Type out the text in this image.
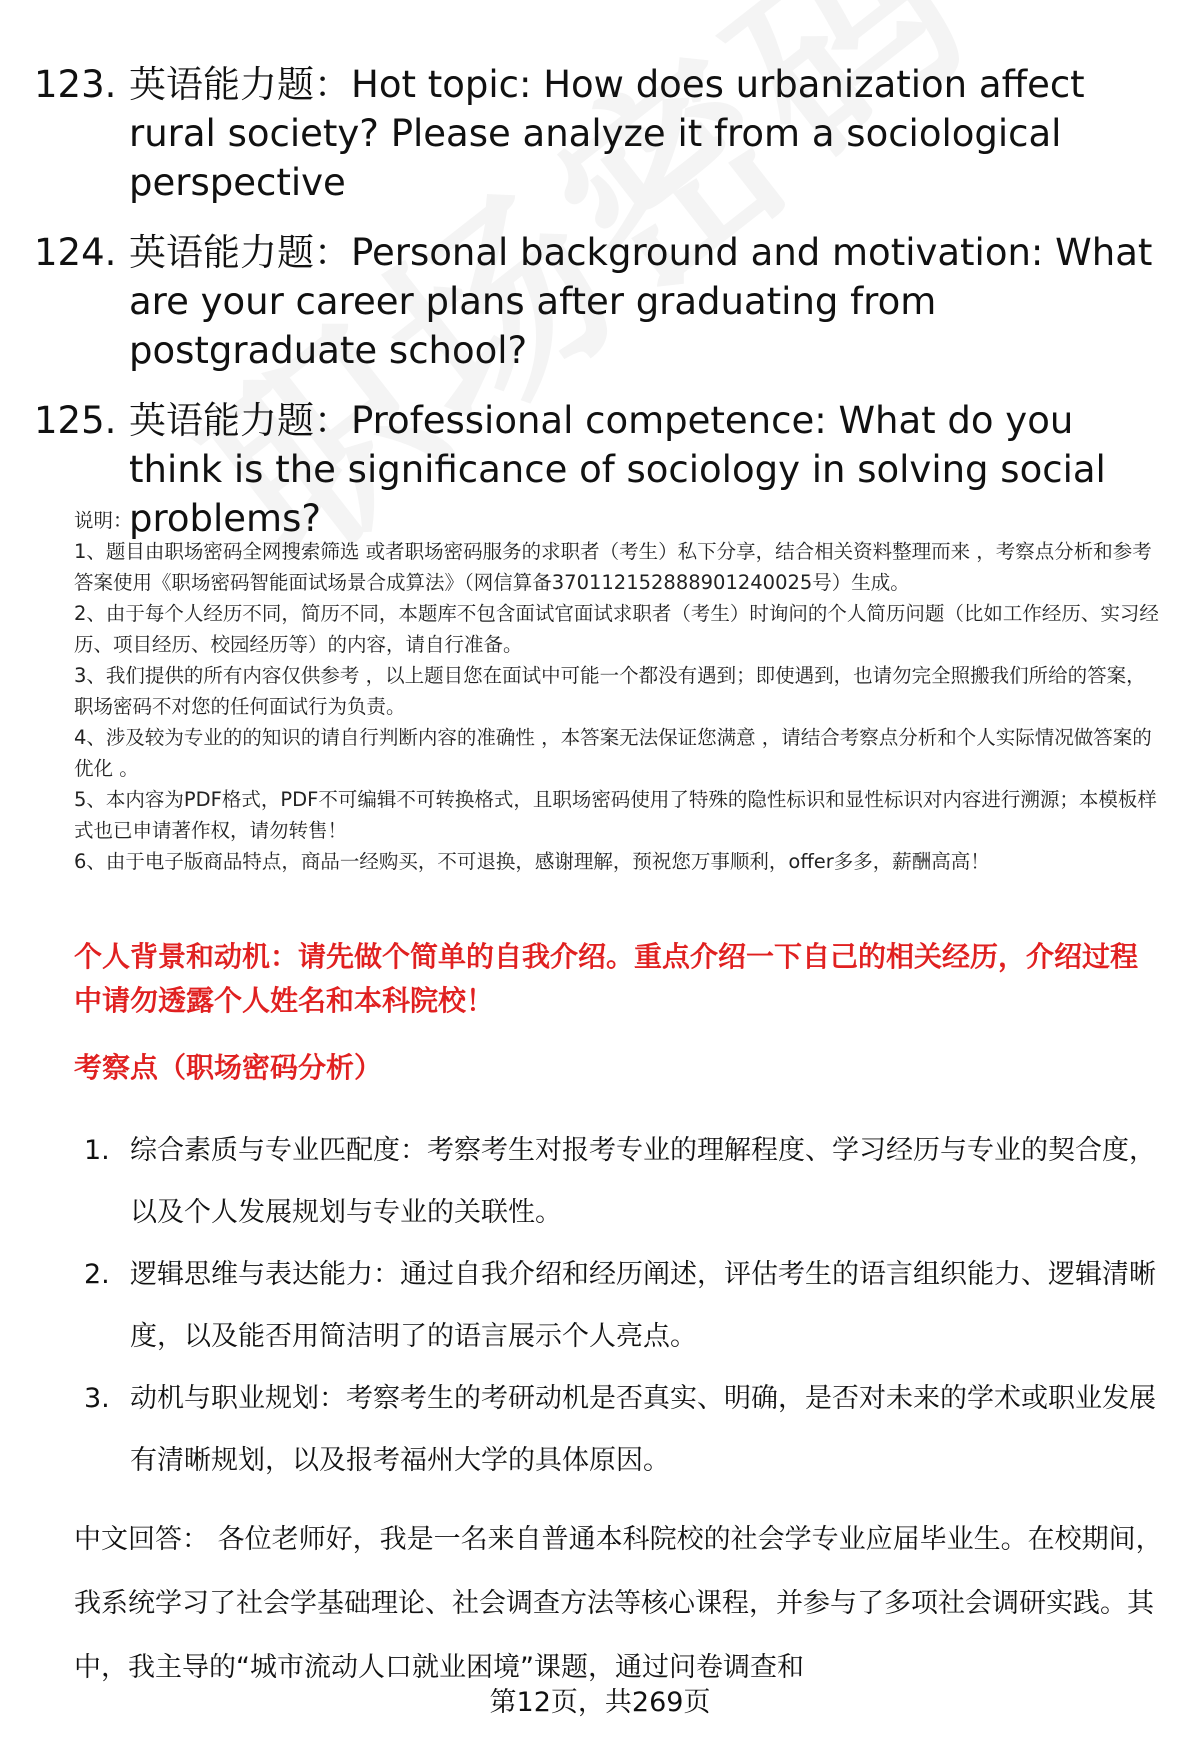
123. 英语能力题：Hot topic: How does urbanization affect rural society? Please analyze it from a sociological perspective
124. 英语能力题：Personal background and motivation: What are your career plans after graduating from postgraduate school?
125. 英语能力题：Professional competence: What do you think is the significance of sociology in solving social problems?

说明：

1、题目由职场密码全网搜索筛选 或者职场密码服务的求职者（考生）私下分享，结合相关资料整理而来 ，考察点分析和参考答案使用《职场密码智能面试场景合成算法》（网信算备370112152888901240025号）生成。

2、由于每个人经历不同，简历不同，本题库不包含面试官面试求职者（考生）时询问的个人简历问题（比如工作经历、实习经历、项目经历、校园经历等）的内容，请自行准备。

3、我们提供的所有内容仅供参考 ，以上题目您在面试中可能一个都没有遇到；即使遇到，也请勿完全照搬我们所给的答案，职场密码不对您的任何面试行为负责。

4、涉及较为专业的的知识的请自行判断内容的准确性 ，本答案无法保证您满意 ，请结合考察点分析和个人实际情况做答案的优化 。

5、本内容为PDF格式，PDF不可编辑不可转换格式，且职场密码使用了特殊的隐性标识和显性标识对内容进行溯源；本模板样式也已申请著作权，请勿转售！

6、由于电子版商品特点，商品一经购买，不可退换，感谢理解，预祝您万事顺利，offer多多，薪酬高高！

个人背景和动机：请先做个简单的自我介绍。重点介绍一下自己的相关经历，介绍过程中请勿透露个人姓名和本科院校！
考察点（职场密码分析）
1. 综合素质与专业匹配度：考察考生对报考专业的理解程度、学习经历与专业的契合度，以及个人发展规划与专业的关联性。
2. 逻辑思维与表达能力：通过自我介绍和经历阐述，评估考生的语言组织能力、逻辑清晰度，以及能否用简洁明了的语言展示个人亮点。
3. 动机与职业规划：考察考生的考研动机是否真实、明确，是否对未来的学术或职业发展有清晰规划，以及报考福州大学的具体原因。
中文回答： 各位老师好，我是一名来自普通本科院校的社会学专业应届毕业生。在校期间，我系统学习了社会学基础理论、社会调查方法等核心课程，并参与了多项社会调研实践。其中，我主导的“城市流动人口就业困境”课题，通过问卷调查和
第12页，共269页
